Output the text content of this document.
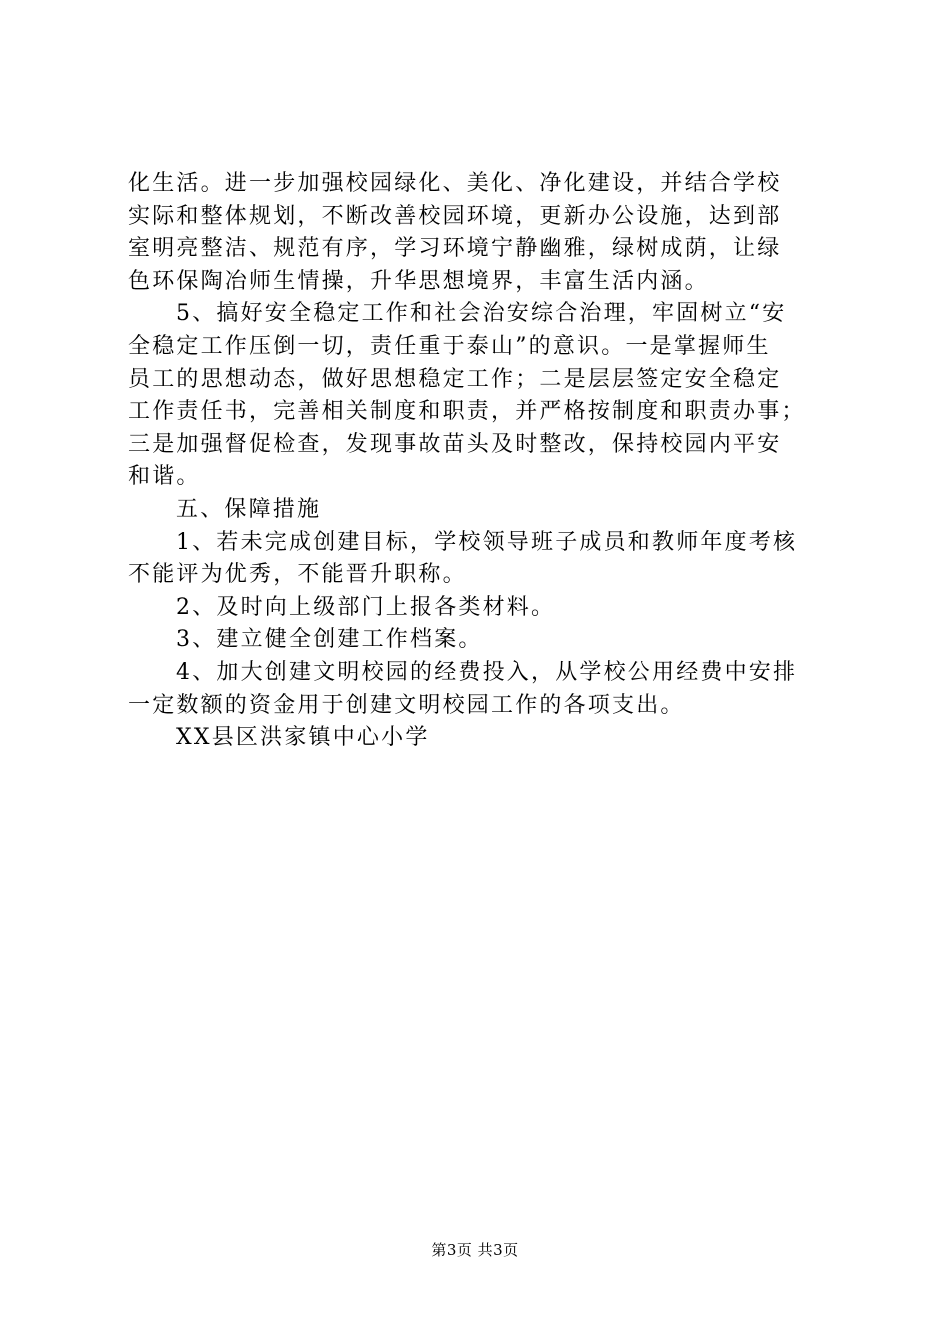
化生活。进一步加强校园绿化、美化、净化建设，并结合学校
实际和整体规划，不断改善校园环境，更新办公设施，达到部
室明亮整洁、规范有序，学习环境宁静幽雅，绿树成荫，让绿
色环保陶冶师生情操，升华思想境界，丰富生活内涵。

5、搞好安全稳定工作和社会治安综合治理，牢固树立“安
全稳定工作压倒一切，责任重于泰山”的意识。一是掌握师生
员工的思想动态，做好思想稳定工作；二是层层签定安全稳定
工作责任书，完善相关制度和职责，并严格按制度和职责办事；
三是加强督促检查，发现事故苗头及时整改，保持校园内平安
和谐。

五、保障措施

1、若未完成创建目标，学校领导班子成员和教师年度考核
不能评为优秀，不能晋升职称。

2、及时向上级部门上报各类材料。

3、建立健全创建工作档案。

4、加大创建文明校园的经费投入，从学校公用经费中安排
一定数额的资金用于创建文明校园工作的各项支出。

XX县区洪家镇中心小学

第3页 共3页
